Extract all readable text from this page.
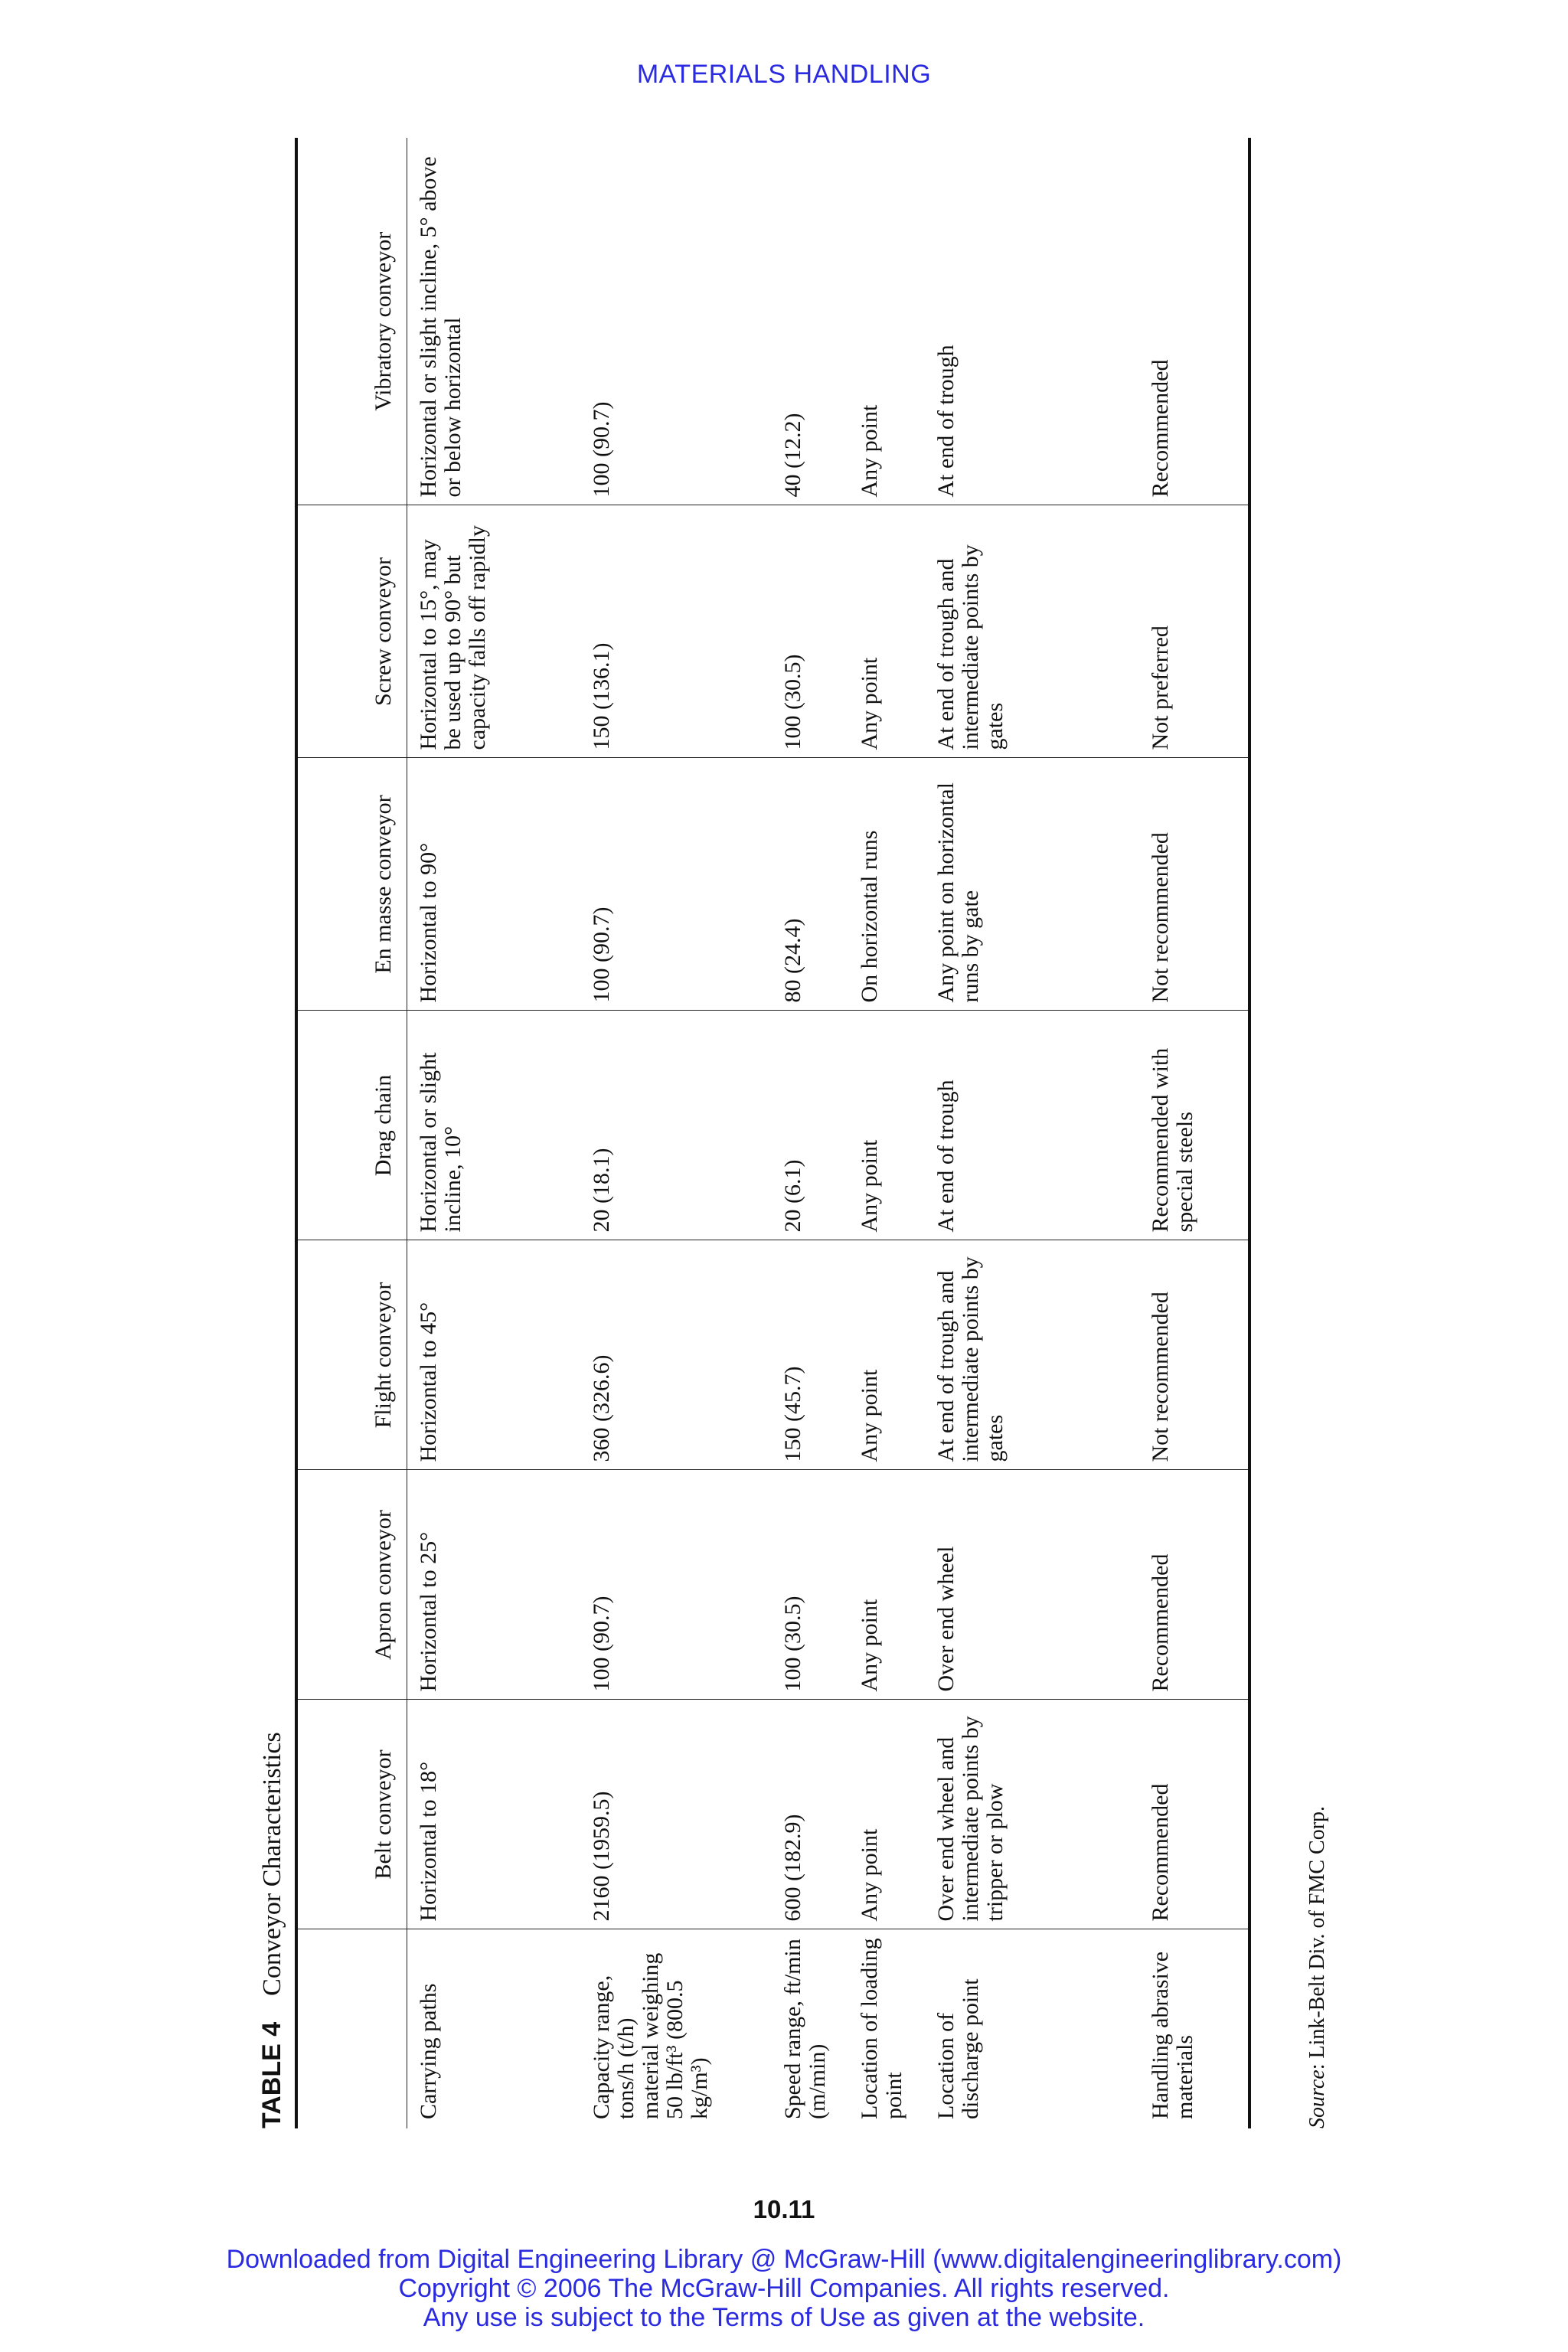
MATERIALS HANDLING
TABLE 4Conveyor Characteristics
		Belt conveyor	Apron conveyor	Flight conveyor	Drag chain	En masse conveyor	Screw conveyor	Vibratory conveyor
Carrying paths	Horizontal to 18°	Horizontal to 25°	Horizontal to 45°	Horizontal or slight incline, 10°	Horizontal to 90°	Horizontal to 15°, may be used up to 90° but capacity falls off rapidly	Horizontal or slight incline, 5° above or below horizontal
Capacity range, tons/h (t/h) material weighing 50 lb/ft³ (800.5 kg/m³)	2160 (1959.5)	100 (90.7)	360 (326.6)	20 (18.1)	100 (90.7)	150 (136.1)	100 (90.7)
Speed range, ft/min (m/min)	600 (182.9)	100 (30.5)	150 (45.7)	20 (6.1)	80 (24.4)	100 (30.5)	40 (12.2)
Location of loading point	Any point	Any point	Any point	Any point	On horizontal runs	Any point	Any point
Location of discharge point	Over end wheel and intermediate points by tripper or plow	Over end wheel	At end of trough and intermediate points by gates	At end of trough	Any point on horizontal runs by gate	At end of trough and intermediate points by gates	At end of trough
Handling abrasive materials	Recommended	Recommended	Not recommended	Recommended with special steels	Not recommended	Not preferred	Recommended
Source: Link-Belt Div. of FMC Corp.
10.11
Downloaded from Digital Engineering Library @ McGraw-Hill (www.digitalengineeringlibrary.com)
Copyright © 2006 The McGraw-Hill Companies. All rights reserved.
Any use is subject to the Terms of Use as given at the website.
